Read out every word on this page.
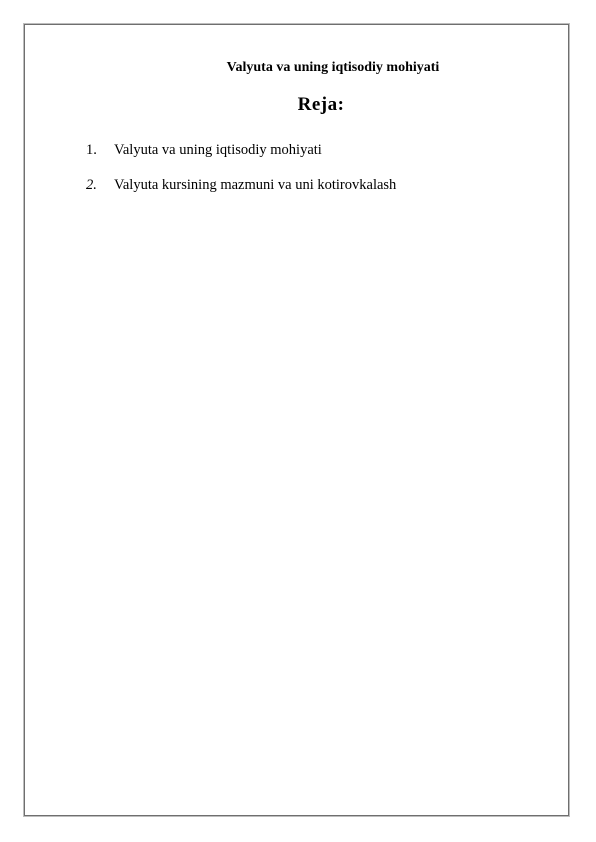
Valyuta va uning iqtisodiy mohiyati
Reja:
1. Valyuta va uning iqtisodiy mohiyati
2. Valyuta kursining mazmuni va uni kotirovkalash
